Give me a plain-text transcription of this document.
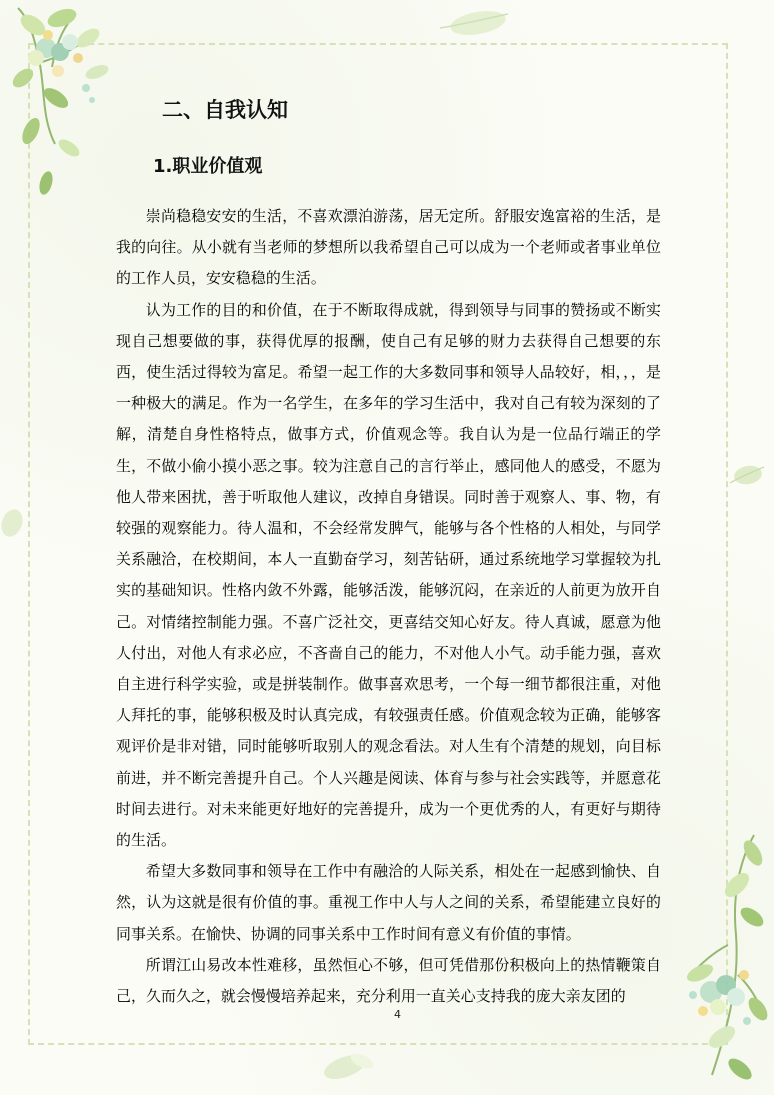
二、自我认知
1.职业价值观

崇尚稳稳安安的生活，不喜欢漂泊游荡，居无定所。舒服安逸富裕的生活，是我的向往。从小就有当老师的梦想所以我希望自己可以成为一个老师或者事业单位的工作人员，安安稳稳的生活。

认为工作的目的和价值，在于不断取得成就，得到领导与同事的赞扬或不断实现自己想要做的事，获得优厚的报酬，使自己有足够的财力去获得自己想要的东西，使生活过得较为富足。希望一起工作的大多数同事和领导人品较好，相，，，是一种极大的满足。作为一名学生，在多年的学习生活中，我对自己有较为深刻的了解，清楚自身性格特点，做事方式，价值观念等。我自认为是一位品行端正的学生，不做小偷小摸小恶之事。较为注意自己的言行举止，感同他人的感受，不愿为他人带来困扰，善于听取他人建议，改掉自身错误。同时善于观察人、事、物，有较强的观察能力。待人温和，不会经常发脾气，能够与各个性格的人相处，与同学关系融洽，在校期间，本人一直勤奋学习，刻苦钻研，通过系统地学习掌握较为扎实的基础知识。性格内敛不外露，能够活泼，能够沉闷，在亲近的人前更为放开自己。对情绪控制能力强。不喜广泛社交，更喜结交知心好友。待人真诚，愿意为他人付出，对他人有求必应，不吝啬自己的能力，不对他人小气。动手能力强，喜欢自主进行科学实验，或是拼装制作。做事喜欢思考，一个每一细节都很注重，对他人拜托的事，能够积极及时认真完成，有较强责任感。价值观念较为正确，能够客观评价是非对错，同时能够听取别人的观念看法。对人生有个清楚的规划，向目标前进，并不断完善提升自己。个人兴趣是阅读、体育与参与社会实践等，并愿意花时间去进行。对未来能更好地好的完善提升，成为一个更优秀的人，有更好与期待的生活。

希望大多数同事和领导在工作中有融洽的人际关系，相处在一起感到愉快、自然，认为这就是很有价值的事。重视工作中人与人之间的关系，希望能建立良好的同事关系。在愉快、协调的同事关系中工作时间有意义有价值的事情。

所谓江山易改本性难移，虽然恒心不够，但可凭借那份积极向上的热情鞭策自己，久而久之，就会慢慢培养起来，充分利用一直关心支持我的庞大亲友团的

4
